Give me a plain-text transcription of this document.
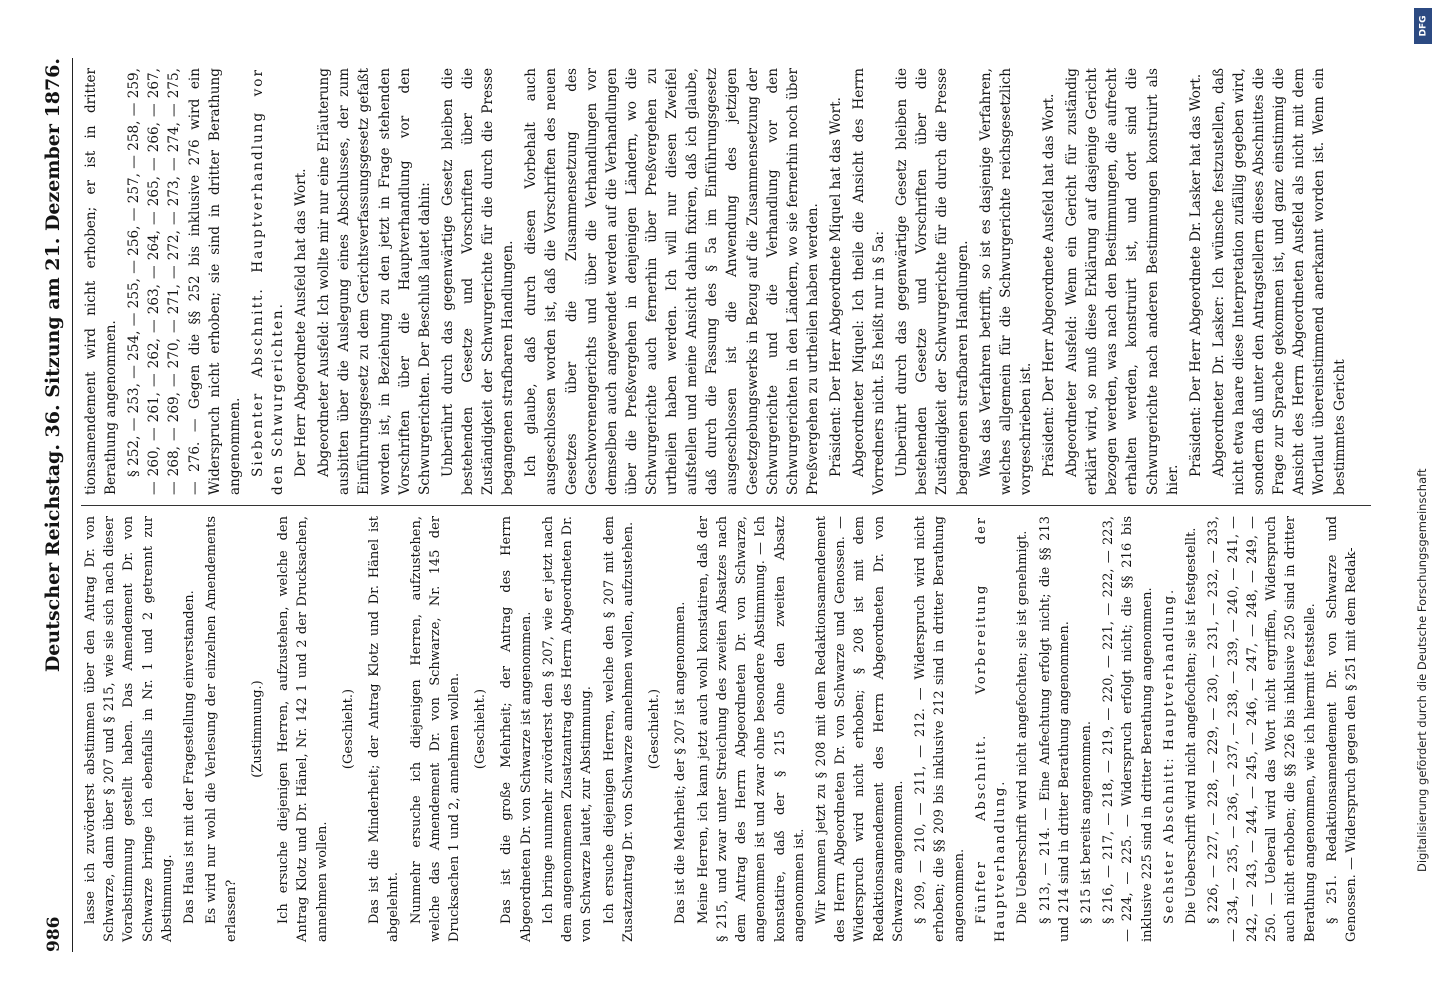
986
Deutscher Reichstag. 36. Sitzung am 21. Dezember 1876.

lasse ich zuvörderst abstimmen über den Antrag Dr. von Schwarze, dann über § 207 und § 215, wie sie sich nach dieser Vorabstimmung gestellt haben. Das Amendement Dr. von Schwarze bringe ich ebenfalls in Nr. 1 und 2 getrennt zur Abstimmung. Das Haus ist mit der Fragestellung einverstanden. Es wird nur wohl die Verlesung der einzelnen Amendements erlassen?

(Zustimmung.) Ich ersuche diejenigen Herren, aufzustehen, welche den Antrag Klotz und Dr. Hänel, Nr. 142 1 und 2 der Drucksachen, annehmen wollen.

(Geschieht.) Das ist die Minderheit; der Antrag Klotz und Dr. Hänel ist abgelehnt. Nunmehr ersuche ich diejenigen Herren, aufzustehen, welche das Amendement Dr. von Schwarze, Nr. 145 der Drucksachen 1 und 2, annehmen wollen. (Geschieht.) Das ist die große Mehrheit; der Antrag des Herrn Abgeordneten Dr. von Schwarze ist angenommen. Ich bringe nunmehr zuvörderst den § 207, wie er jetzt nach dem angenommenen Zusatzantrag des Herrn Abgeordneten Dr. von Schwarze lautet, zur Abstimmung. Ich ersuche diejenigen Herren, welche den § 207 mit dem Zusatzantrag Dr. von Schwarze annehmen wollen, aufzustehen. (Geschieht.) Das ist die Mehrheit; der § 207 ist angenommen. Meine Herren, ich kann jetzt auch wohl konstatiren, daß der § 215, und zwar unter Streichung des zweiten Absatzes nach dem Antrag des Herrn Abgeordneten Dr. von Schwarze, angenommen ist und zwar ohne besondere Abstimmung. — Ich konstatire, daß der § 215 ohne den zweiten Absatz angenommen ist. Wir kommen jetzt zu § 208 mit dem Redaktionsamendement des Herrn Abgeordneten Dr. von Schwarze und Genossen. — Widerspruch wird nicht erhoben; § 208 ist mit dem Redaktionsamendement des Herrn Abgeordneten Dr. von Schwarze angenommen. § 209, — 210, — 211, — 212. — Widerspruch wird nicht erhoben; die §§ 209 bis inklusive 212 sind in dritter Berathung angenommen. Fünfter Abschnitt. Vorbereitung der Hauptverhandlung. Die Ueberschrift wird nicht angefochten; sie ist genehmigt. § 213, — 214. — Eine Anfechtung erfolgt nicht; die §§ 213 und 214 sind in dritter Berathung angenommen. § 215 ist bereits angenommen. § 216, — 217, — 218, — 219, — 220, — 221, — 222, — 223, — 224, — 225. — Widerspruch erfolgt nicht; die §§ 216 bis inklusive 225 sind in dritter Berathung angenommen. Sechster Abschnitt: Hauptverhandlung. Die Ueberschrift wird nicht angefochten; sie ist festgestellt. § 226, — 227, — 228, — 229, — 230, — 231, — 232, — 233, — 234, — 235, — 236, — 237, — 238, — 239, — 240, — 241, — 242, — 243, — 244, — 245, — 246, — 247, — 248, — 249, — 250. — Ueberall wird das Wort nicht ergriffen, Widerspruch auch nicht erhoben; die §§ 226 bis inklusive 250 sind in dritter Berathung angenommen, wie ich hiermit feststelle. § 251. Redaktionsamendement Dr. von Schwarze und Genossen. — Widerspruch gegen den § 251 mit dem Redak-

tionsamendement wird nicht erhoben; er ist in dritter Berathung angenommen. § 252, — 253, — 254, — 255, — 256, — 257, — 258, — 259, — 260, — 261, — 262, — 263, — 264, — 265, — 266, — 267, — 268, — 269, — 270, — 271, — 272, — 273, — 274, — 275, — 276. — Gegen die §§ 252 bis inklusive 276 wird ein Widerspruch nicht erhoben; sie sind in dritter Berathung angenommen. Siebenter Abschnitt. Hauptverhandlung vor den Schwurgerichten. Der Herr Abgeordnete Ausfeld hat das Wort. Abgeordneter Ausfeld: Ich wollte mir nur eine Erläuterung ausbitten über die Auslegung eines Abschlusses, der zum Einführungsgesetz zu dem Gerichtsverfassungsgesetz gefaßt worden ist, in Beziehung zu den jetzt in Frage stehenden Vorschriften über die Hauptverhandlung vor den Schwurgerichten. Der Beschluß lautet dahin: Unberührt durch das gegenwärtige Gesetz bleiben die bestehenden Gesetze und Vorschriften über die Zuständigkeit der Schwurgerichte für die durch die Presse begangenen strafbaren Handlungen. Ich glaube, daß durch diesen Vorbehalt auch ausgeschlossen worden ist, daß die Vorschriften des neuen Gesetzes über die Zusammensetzung des Geschworenengerichts und über die Verhandlungen vor demselben auch angewendet werden auf die Verhandlungen über die Preßvergehen in denjenigen Ländern, wo die Schwurgerichte auch fernerhin über Preßvergehen zu urtheilen haben werden. Ich will nur diesen Zweifel aufstellen und meine Ansicht dahin fixiren, daß ich glaube, daß durch die Fassung des § 5a im Einführungsgesetz ausgeschlossen ist die Anwendung des jetzigen Gesetzgebungswerks in Bezug auf die Zusammensetzung der Schwurgerichte und die Verhandlung vor den Schwurgerichten in den Ländern, wo sie fernerhin noch über Preßvergehen zu urtheilen haben werden. Präsident: Der Herr Abgeordnete Miquel hat das Wort. Abgeordneter Miquel: Ich theile die Ansicht des Herrn Vorredners nicht. Es heißt nur in § 5a: Unberührt durch das gegenwärtige Gesetz bleiben die bestehenden Gesetze und Vorschriften über die Zuständigkeit der Schwurgerichte für die durch die Presse begangenen strafbaren Handlungen. Was das Verfahren betrifft, so ist es dasjenige Verfahren, welches allgemein für die Schwurgerichte reichsgesetzlich vorgeschrieben ist. Präsident: Der Herr Abgeordnete Ausfeld hat das Wort. Abgeordneter Ausfeld: Wenn ein Gericht für zuständig erklärt wird, so muß diese Erklärung auf dasjenige Gericht bezogen werden, was nach den Bestimmungen, die aufrecht erhalten werden, konstruirt ist, und dort sind die Schwurgerichte nach anderen Bestimmungen konstruirt als hier.

Präsident: Der Herr Abgeordnete Dr. Lasker hat das Wort. Abgeordneter Dr. Lasker: Ich wünsche festzustellen, daß nicht etwa haare diese Interpretation zufällig gegeben wird, sondern daß unter den Antragstellern dieses Abschnittes die Frage zur Sprache gekommen ist, und ganz einstimmig die Ansicht des Herrn Abgeordneten Ausfeld als nicht mit dem Wortlaut übereinstimmend anerkannt worden ist. Wenn ein bestimmtes Gericht

DFG
Digitalisierung gefördert durch die Deutsche Forschungsgemeinschaft
